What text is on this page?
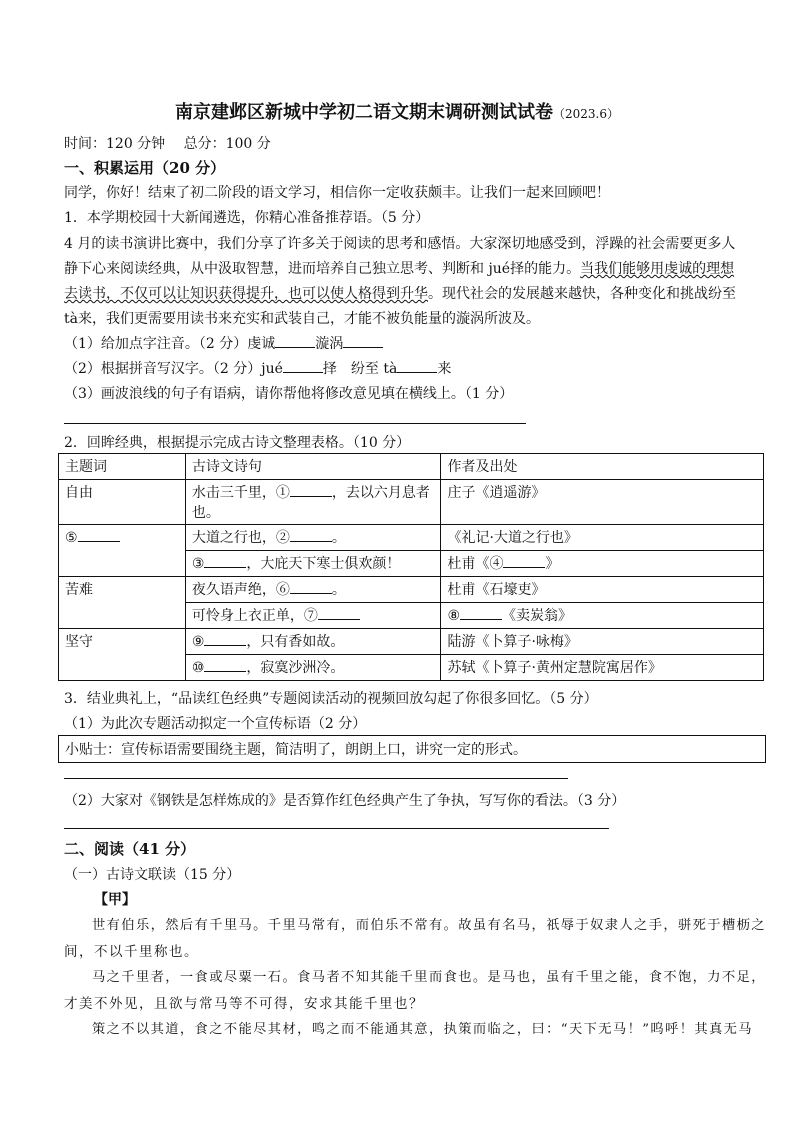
南京建邺区新城中学初二语文期末调研测试试卷（2023.6）
时间：120 分钟　 总分：100 分
一、积累运用（20 分）
同学，你好！结束了初二阶段的语文学习，相信你一定收获颇丰。让我们一起来回顾吧！
1．本学期校园十大新闻遴选，你精心准备推荐语。（5 分）
4 月的读书演讲比赛中，我们分享了许多关于阅读的思考和感悟。大家深切地感受到，浮躁的社会需要更多人
静下心来阅读经典，从中汲取智慧，进而培养自己独立思考、判断和 jué择的能力。当我们能够用虔诚的理想
去读书，不仅可以让知识获得提升，也可以使人格得到升华。现代社会的发展越来越快，各种变化和挑战纷至
tà来，我们更需要用读书来充实和武装自己，才能不被负能量的漩涡所波及。
（1）给加点字注音。（2 分）虔诚	漩涡
（2）根据拼音写汉字。（2 分）jué	择　纷至 tà	来
（3）画波浪线的句子有语病，请你帮他将修改意见填在横线上。（1 分）
2．回眸经典，根据提示完成古诗文整理表格。（10 分）
主题词	古诗文诗句	作者及出处
自由	水击三千里，① ，去以六月息者
也。	庄子《逍遥游》
⑤	大道之行也，② 。	《礼记·大道之行也》
	③ ，大庇天下寒士俱欢颜！	杜甫《④ 》
苦难	夜久语声绝，⑥ 。	杜甫《石壕吏》
	可怜身上衣正单，⑦	⑧ 《卖炭翁》
坚守	⑨ ，只有香如故。	陆游《卜算子·咏梅》
	⑩ ，寂寞沙洲冷。	苏轼《卜算子·黄州定慧院寓居作》
3．结业典礼上，“品读红色经典”专题阅读活动的视频回放勾起了你很多回忆。（5 分）
（1）为此次专题活动拟定一个宣传标语（2 分）
小贴士：宣传标语需要围绕主题，简洁明了，朗朗上口，讲究一定的形式。
（2）大家对《钢铁是怎样炼成的》是否算作红色经典产生了争执，写写你的看法。（3 分）
二、阅读（41 分）
（一）古诗文联读（15 分）
【甲】
世有伯乐，然后有千里马。千里马常有，而伯乐不常有。故虽有名马，祇辱于奴隶人之手，骈死于槽枥之
间，不以千里称也。
马之千里者，一食或尽粟一石。食马者不知其能千里而食也。是马也，虽有千里之能，食不饱，力不足，
才美不外见，且欲与常马等不可得，安求其能千里也？
策之不以其道，食之不能尽其材，鸣之而不能通其意，执策而临之，曰：“天下无马！”呜呼！其真无马
